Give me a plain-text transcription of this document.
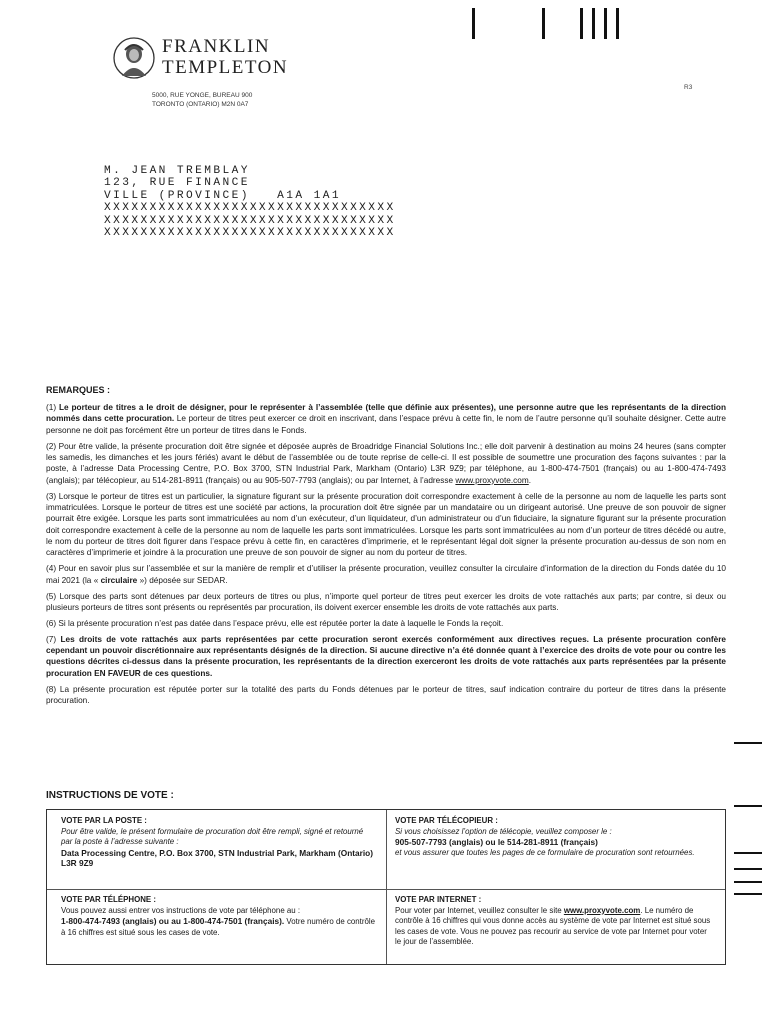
FRANKLIN
TEMPLETON
5000, RUE YONGE, BUREAU 900
TORONTO (ONTARIO) M2N 0A7
R3
M. JEAN TREMBLAY
123, RUE FINANCE
VILLE (PROVINCE)   A1A 1A1
XXXXXXXXXXXXXXXXXXXXXXXXXXXXXXXX
XXXXXXXXXXXXXXXXXXXXXXXXXXXXXXXX
XXXXXXXXXXXXXXXXXXXXXXXXXXXXXXXX
REMARQUES :

(1) Le porteur de titres a le droit de désigner, pour le représenter à l’assemblée (telle que définie aux présentes), une personne autre que les représentants de la direction nommés dans cette procuration. Le porteur de titres peut exercer ce droit en inscrivant, dans l’espace prévu à cette fin, le nom de l’autre personne qu’il souhaite désigner. Cette autre personne ne doit pas forcément être un porteur de titres dans le Fonds.

(2) Pour être valide, la présente procuration doit être signée et déposée auprès de Broadridge Financial Solutions Inc.; elle doit parvenir à destination au moins 24 heures (sans compter les samedis, les dimanches et les jours fériés) avant le début de l’assemblée ou de toute reprise de celle-ci. Il est possible de soumettre une procuration des façons suivantes : par la poste, à l’adresse Data Processing Centre, P.O. Box 3700, STN Industrial Park, Markham (Ontario) L3R 9Z9; par téléphone, au 1-800-474-7501 (français) ou au 1-800-474-7493 (anglais); par télécopieur, au 514-281-8911 (français) ou au 905-507-7793 (anglais); ou par Internet, à l’adresse www.proxyvote.com.

(3) Lorsque le porteur de titres est un particulier, la signature figurant sur la présente procuration doit correspondre exactement à celle de la personne au nom de laquelle les parts sont immatriculées. Lorsque le porteur de titres est une société par actions, la procuration doit être signée par un mandataire ou un dirigeant autorisé. Une preuve de son pouvoir de signer pourrait être exigée. Lorsque les parts sont immatriculées au nom d’un exécuteur, d’un liquidateur, d’un administrateur ou d’un fiduciaire, la signature figurant sur la présente procuration doit correspondre exactement à celle de la personne au nom de laquelle les parts sont immatriculées. Lorsque les parts sont immatriculées au nom d’un porteur de titres décédé ou autre, le nom du porteur de titres doit figurer dans l’espace prévu à cette fin, en caractères d’imprimerie, et le représentant légal doit signer la présente procuration au-dessus de son nom en caractères d’imprimerie et joindre à la procuration une preuve de son pouvoir de signer au nom du porteur de titres.

(4) Pour en savoir plus sur l’assemblée et sur la manière de remplir et d’utiliser la présente procuration, veuillez consulter la circulaire d’information de la direction du Fonds datée du 10 mai 2021 (la « circulaire ») déposée sur SEDAR.

(5) Lorsque des parts sont détenues par deux porteurs de titres ou plus, n’importe quel porteur de titres peut exercer les droits de vote rattachés aux parts; par contre, si deux ou plusieurs porteurs de titres sont présents ou représentés par procuration, ils doivent exercer ensemble les droits de vote rattachés aux parts.

(6) Si la présente procuration n’est pas datée dans l’espace prévu, elle est réputée porter la date à laquelle le Fonds la reçoit.

(7) Les droits de vote rattachés aux parts représentées par cette procuration seront exercés conformément aux directives reçues. La présente procuration confère cependant un pouvoir discrétionnaire aux représentants désignés de la direction. Si aucune directive n’a été donnée quant à l’exercice des droits de vote pour ou contre les questions décrites ci-dessus dans la présente procuration, les représentants de la direction exerceront les droits de vote rattachés aux parts représentées par la présente procuration EN FAVEUR de ces questions.

(8) La présente procuration est réputée porter sur la totalité des parts du Fonds détenues par le porteur de titres, sauf indication contraire du porteur de titres dans la présente procuration.

INSTRUCTIONS DE VOTE :
VOTE PAR LA POSTE :
Pour être valide, le présent formulaire de procuration doit être rempli, signé et retourné par la poste à l’adresse suivante :
Data Processing Centre, P.O. Box 3700, STN Industrial Park, Markham (Ontario) L3R 9Z9
VOTE PAR TÉLÉCOPIEUR :
Si vous choisissez l’option de télécopie, veuillez composer le :
905-507-7793 (anglais) ou le 514-281-8911 (français)
et vous assurer que toutes les pages de ce formulaire de procuration sont retournées.
VOTE PAR TÉLÉPHONE :
Vous pouvez aussi entrer vos instructions de vote par téléphone au :
1-800-474-7493 (anglais) ou au 1-800-474-7501 (français). Votre numéro de contrôle à 16 chiffres est situé sous les cases de vote.
VOTE PAR INTERNET :
Pour voter par Internet, veuillez consulter le site www.proxyvote.com. Le numéro de contrôle à 16 chiffres qui vous donne accès au système de vote par Internet est situé sous les cases de vote. Vous ne pouvez pas recourir au service de vote par Internet pour voter le jour de l’assemblée.
